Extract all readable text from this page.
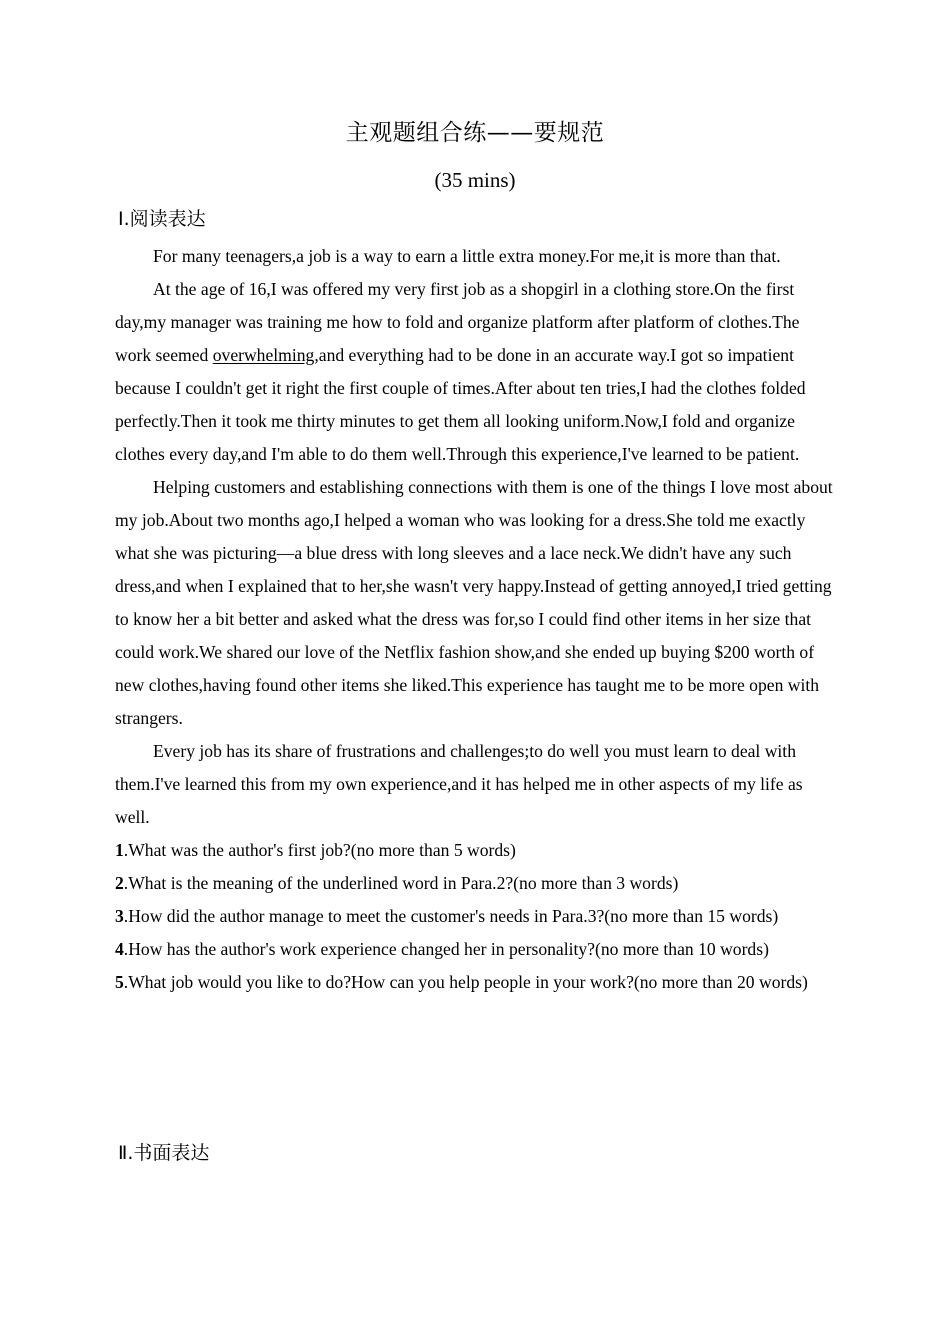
主观题组合练——要规范
(35 mins)
Ⅰ.阅读表达

For many teenagers,a job is a way to earn a little extra money.For me,it is more than that.

At the age of 16,I was offered my very first job as a shopgirl in a clothing store.On the first day,my manager was training me how to fold and organize platform after platform of clothes.The work seemed overwhelming,and everything had to be done in an accurate way.I got so impatient because I couldn't get it right the first couple of times.After about ten tries,I had the clothes folded perfectly.Then it took me thirty minutes to get them all looking uniform.Now,I fold and organize clothes every day,and I'm able to do them well.Through this experience,I've learned to be patient.

Helping customers and establishing connections with them is one of the things I love most about my job.About two months ago,I helped a woman who was looking for a dress.She told me exactly what she was picturing—a blue dress with long sleeves and a lace neck.We didn't have any such dress,and when I explained that to her,she wasn't very happy.Instead of getting annoyed,I tried getting to know her a bit better and asked what the dress was for,so I could find other items in her size that could work.We shared our love of the Netflix fashion show,and she ended up buying $200 worth of new clothes,having found other items she liked.This experience has taught me to be more open with strangers.

Every job has its share of frustrations and challenges;to do well you must learn to deal with them.I've learned this from my own experience,and it has helped me in other aspects of my life as well.

1.What was the author's first job?(no more than 5 words)

2.What is the meaning of the underlined word in Para.2?(no more than 3 words)

3.How did the author manage to meet the customer's needs in Para.3?(no more than 15 words)

4.How has the author's work experience changed her in personality?(no more than 10 words)

5.What job would you like to do?How can you help people in your work?(no more than 20 words)

Ⅱ.书面表达
